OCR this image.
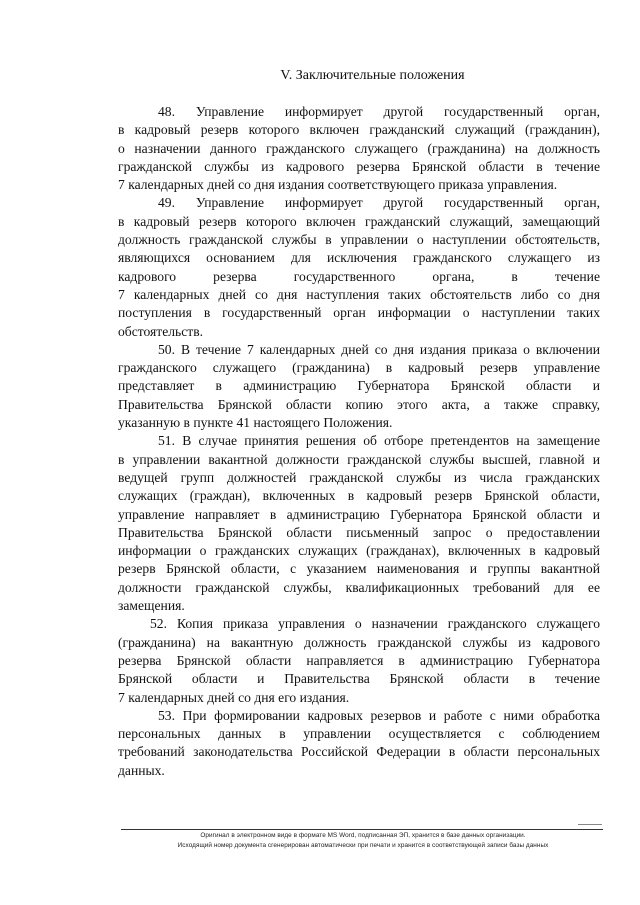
V. Заключительные положения
48. Управление информирует другой государственный орган,
в кадровый резерв которого включен гражданский служащий (гражданин),
о назначении данного гражданского служащего (гражданина) на должность
гражданской службы из кадрового резерва Брянской области в течение
7 календарных дней со дня издания соответствующего приказа управления.
49. Управление информирует другой государственный орган,
в кадровый резерв которого включен гражданский служащий, замещающий
должность гражданской службы в управлении о наступлении обстоятельств,
являющихся основанием для исключения гражданского служащего из
кадрового резерва государственного органа, в течение
7 календарных дней со дня наступления таких обстоятельств либо со дня
поступления в государственный орган информации о наступлении таких
обстоятельств.
50. В течение 7 календарных дней со дня издания приказа о включении
гражданского служащего (гражданина) в кадровый резерв управление
представляет в администрацию Губернатора Брянской области и
Правительства Брянской области копию этого акта, а также справку,
указанную в пункте 41 настоящего Положения.
51. В случае принятия решения об отборе претендентов на замещение
в управлении вакантной должности гражданской службы высшей, главной и
ведущей групп должностей гражданской службы из числа гражданских
служащих (граждан), включенных в кадровый резерв Брянской области,
управление направляет в администрацию Губернатора Брянской области и
Правительства Брянской области письменный запрос о предоставлении
информации о гражданских служащих (гражданах), включенных в кадровый
резерв Брянской области, с указанием наименования и группы вакантной
должности гражданской службы, квалификационных требований для ее
замещения.
52. Копия приказа управления о назначении гражданского служащего
(гражданина) на вакантную должность гражданской службы из кадрового
резерва Брянской области направляется в администрацию Губернатора
Брянской области и Правительства Брянской области в течение
7 календарных дней со дня его издания.
53. При формировании кадровых резервов и работе с ними обработка
персональных данных в управлении осуществляется с соблюдением
требований законодательства Российской Федерации в области персональных
данных.
Оригинал в электронном виде в формате MS Word, подписанная ЭП, хранится в базе данных организации.
Исходящий номер документа сгенерирован автоматически при печати и хранится в соответствующей записи базы данных
